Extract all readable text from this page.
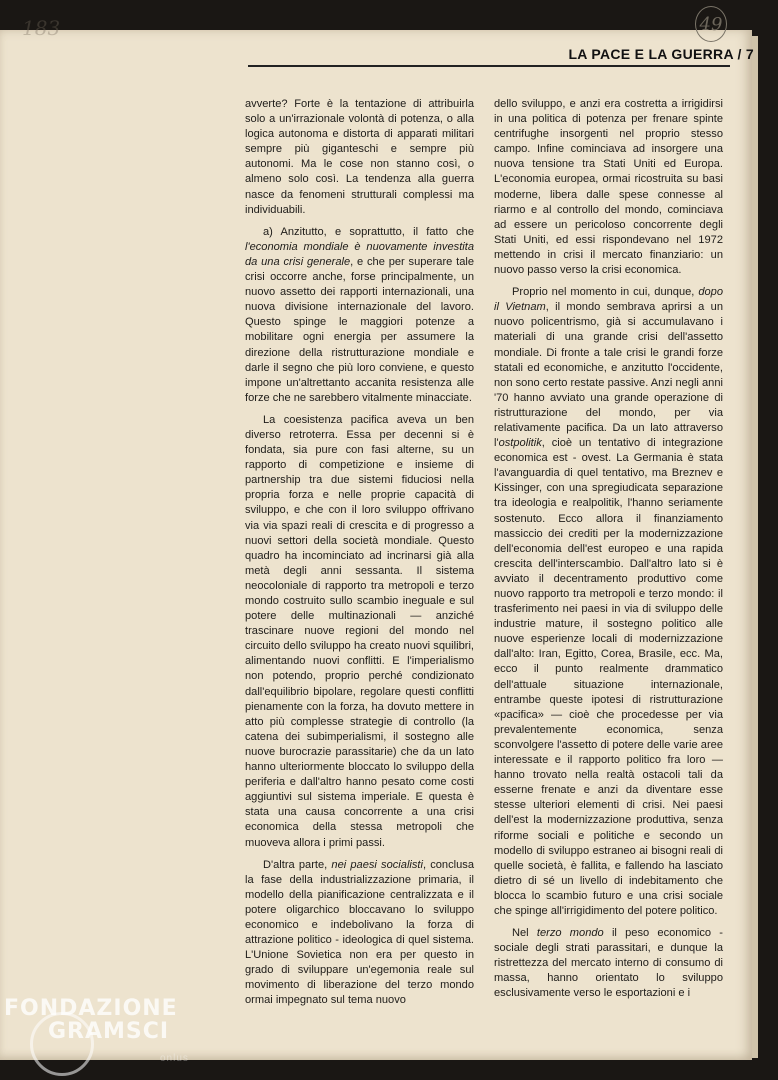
183	49
LA PACE E LA GUERRA / 7

avverte? Forte è la tentazione di attribuirla solo a un'irrazionale volontà di potenza, o alla logica autonoma e distorta di apparati militari sempre più giganteschi e sempre più autonomi. Ma le cose non stanno così, o almeno solo così. La tendenza alla guerra nasce da fenomeni strutturali complessi ma individuabili.

a) Anzitutto, e soprattutto, il fatto che l'economia mondiale è nuovamente investita da una crisi generale, e che per superare tale crisi occorre anche, forse principalmente, un nuovo assetto dei rapporti internazionali, una nuova divisione internazionale del lavoro. Questo spinge le maggiori potenze a mobilitare ogni energia per assumere la direzione della ristrutturazione mondiale e darle il segno che più loro conviene, e questo impone un'altrettanto accanita resistenza alle forze che ne sarebbero vitalmente minacciate.

La coesistenza pacifica aveva un ben diverso retroterra. Essa per decenni si è fondata, sia pure con fasi alterne, su un rapporto di competizione e insieme di partnership tra due sistemi fiduciosi nella propria forza e nelle proprie capacità di sviluppo, e che con il loro sviluppo offrivano via via spazi reali di crescita e di progresso a nuovi settori della società mondiale. Questo quadro ha incominciato ad incrinarsi già alla metà degli anni sessanta. Il sistema neocoloniale di rapporto tra metropoli e terzo mondo costruito sullo scambio ineguale e sul potere delle multinazionali — anziché trascinare nuove regioni del mondo nel circuito dello sviluppo ha creato nuovi squilibri, alimentando nuovi conflitti. E l'imperialismo non potendo, proprio perché condizionato dall'equilibrio bipolare, regolare questi conflitti pienamente con la forza, ha dovuto mettere in atto più complesse strategie di controllo (la catena dei subimperialismi, il sostegno alle nuove burocrazie parassitarie) che da un lato hanno ulteriormente bloccato lo sviluppo della periferia e dall'altro hanno pesato come costi aggiuntivi sul sistema imperiale. E questa è stata una causa concorrente a una crisi economica della stessa metropoli che muoveva allora i primi passi.

D'altra parte, nei paesi socialisti, conclusa la fase della industrializzazione primaria, il modello della pianificazione centralizzata e il potere oligarchico bloccavano lo sviluppo economico e indebolivano la forza di attrazione politico - ideologica di quel sistema. L'Unione Sovietica non era per questo in grado di sviluppare un'egemonia reale sul movimento di liberazione del terzo mondo ormai impegnato sul tema nuovo

dello sviluppo, e anzi era costretta a irrigidirsi in una politica di potenza per frenare spinte centrifughe insorgenti nel proprio stesso campo. Infine cominciava ad insorgere una nuova tensione tra Stati Uniti ed Europa. L'economia europea, ormai ricostruita su basi moderne, libera dalle spese connesse al riarmo e al controllo del mondo, cominciava ad essere un pericoloso concorrente degli Stati Uniti, ed essi rispondevano nel 1972 mettendo in crisi il mercato finanziario: un nuovo passo verso la crisi economica.

Proprio nel momento in cui, dunque, dopo il Vietnam, il mondo sembrava aprirsi a un nuovo policentrismo, già si accumulavano i materiali di una grande crisi dell'assetto mondiale. Di fronte a tale crisi le grandi forze statali ed economiche, e anzitutto l'occidente, non sono certo restate passive. Anzi negli anni '70 hanno avviato una grande operazione di ristrutturazione del mondo, per via relativamente pacifica. Da un lato attraverso l'ostpolitik, cioè un tentativo di integrazione economica est - ovest. La Germania è stata l'avanguardia di quel tentativo, ma Breznev e Kissinger, con una spregiudicata separazione tra ideologia e realpolitik, l'hanno seriamente sostenuto. Ecco allora il finanziamento massiccio dei crediti per la modernizzazione dell'economia dell'est europeo e una rapida crescita dell'interscambio. Dall'altro lato si è avviato il decentramento produttivo come nuovo rapporto tra metropoli e terzo mondo: il trasferimento nei paesi in via di sviluppo delle industrie mature, il sostegno politico alle nuove esperienze locali di modernizzazione dall'alto: Iran, Egitto, Corea, Brasile, ecc. Ma, ecco il punto realmente drammatico dell'attuale situazione internazionale, entrambe queste ipotesi di ristrutturazione «pacifica» — cioè che procedesse per via prevalentemente economica, senza sconvolgere l'assetto di potere delle varie aree interessate e il rapporto politico fra loro — hanno trovato nella realtà ostacoli tali da esserne frenate e anzi da diventare esse stesse ulteriori elementi di crisi. Nei paesi dell'est la modernizzazione produttiva, senza riforme sociali e politiche e secondo un modello di sviluppo estraneo ai bisogni reali di quelle società, è fallita, e fallendo ha lasciato dietro di sé un livello di indebitamento che blocca lo scambio futuro e una crisi sociale che spinge all'irrigidimento del potere politico.

Nel terzo mondo il peso economico - sociale degli strati parassitari, e dunque la ristrettezza del mercato interno di consumo di massa, hanno orientato lo sviluppo esclusivamente verso le esportazioni e i

FONDAZIONE
GRAMSCI
onlus
